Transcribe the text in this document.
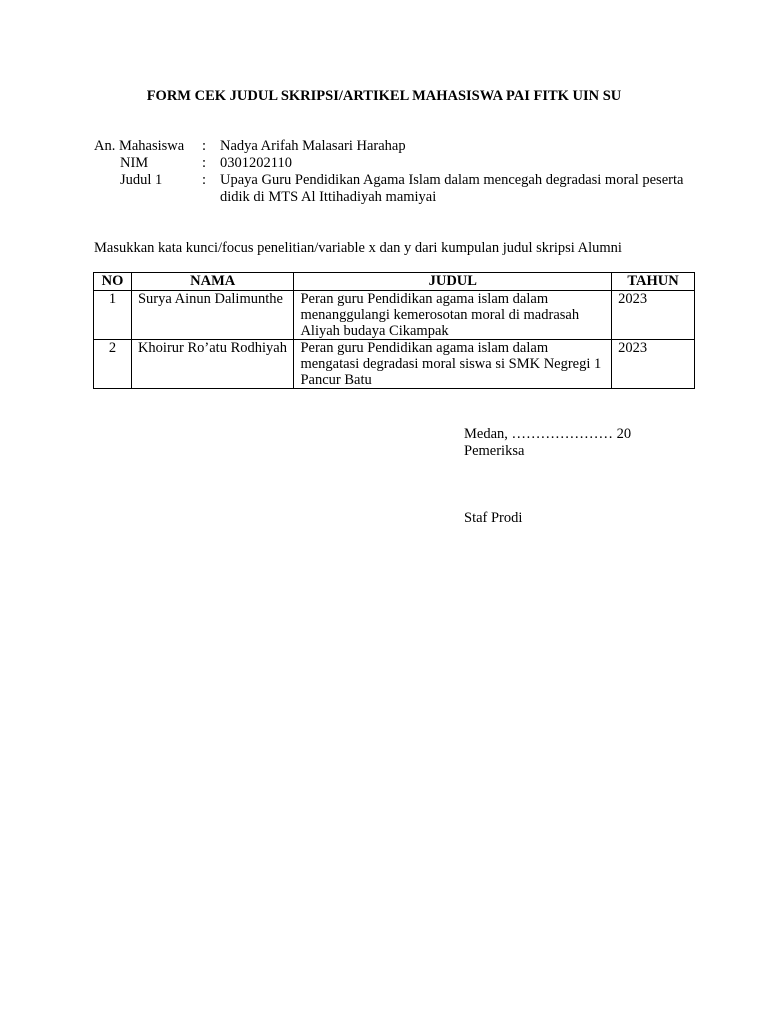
FORM CEK JUDUL SKRIPSI/ARTIKEL MAHASISWA PAI FITK UIN SU
An. Mahasiswa	: Nadya Arifah Malasari Harahap
NIM	: 0301202110
Judul 1	: Upaya Guru Pendidikan Agama Islam dalam mencegah degradasi moral peserta didik di MTS Al Ittihadiyah mamiyai
Masukkan kata kunci/focus penelitian/variable x dan y dari kumpulan judul skripsi Alumni
NO	NAMA	JUDUL	TAHUN
1	Surya Ainun Dalimunthe	Peran guru Pendidikan agama islam dalam menanggulangi kemerosotan moral di madrasah Aliyah budaya Cikampak	2023
2	Khoirur Ro’atu Rodhiyah	Peran guru Pendidikan agama islam dalam mengatasi degradasi moral siswa si SMK Negregi 1 Pancur Batu	2023
Medan, ………………… 20
Pemeriksa
Staf Prodi
